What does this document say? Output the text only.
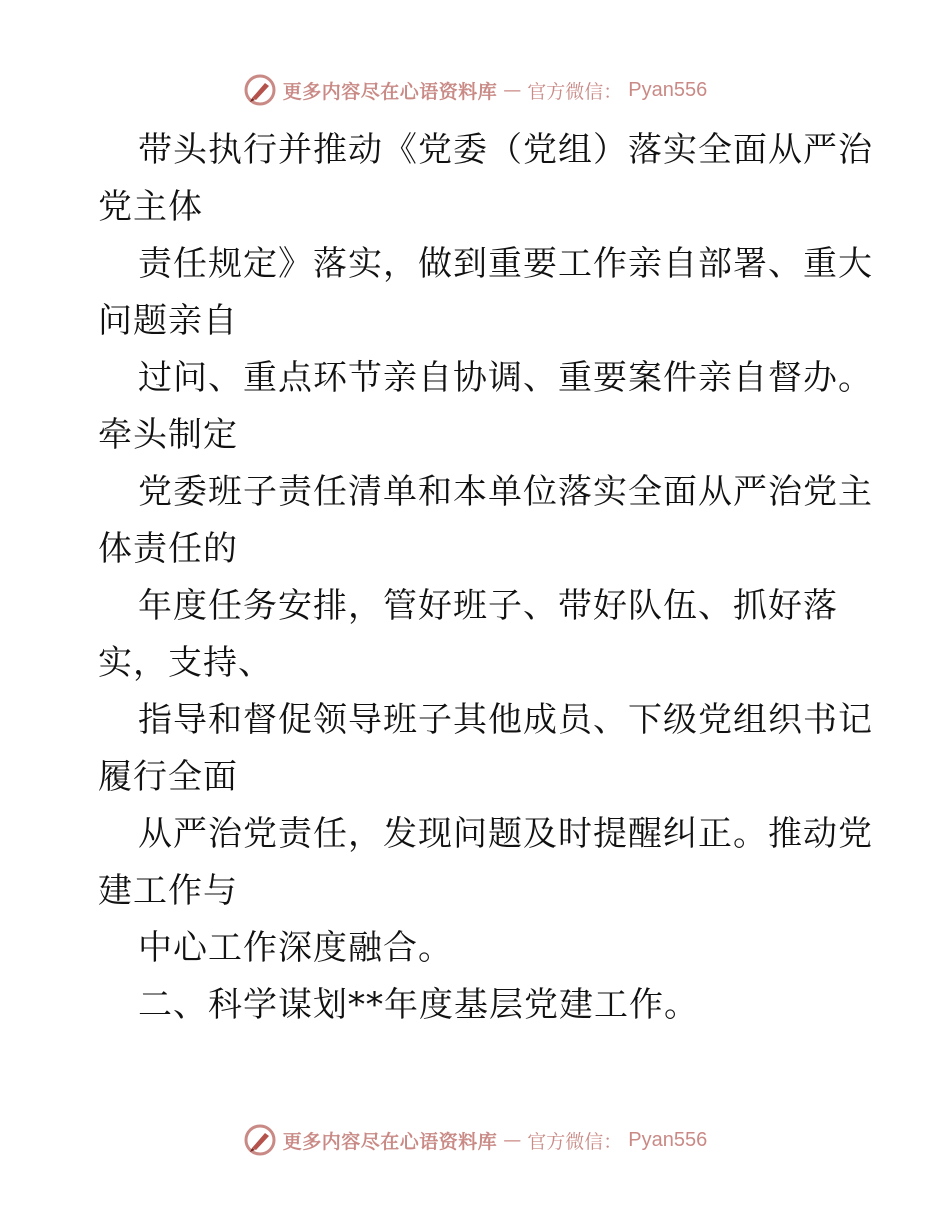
更多内容尽在心语资料库 — 官方微信： Pyan556

带头执行并推动《党委（党组）落实全面从严治
党主体

责任规定》落实，做到重要工作亲自部署、重大
问题亲自

过问、重点环节亲自协调、重要案件亲自督办。
牵头制定

党委班子责任清单和本单位落实全面从严治党主
体责任的

年度任务安排，管好班子、带好队伍、抓好落
实，支持、

指导和督促领导班子其他成员、下级党组织书记
履行全面

从严治党责任，发现问题及时提醒纠正。推动党
建工作与

中心工作深度融合。

二、科学谋划**年度基层党建工作。

更多内容尽在心语资料库 — 官方微信： Pyan556
